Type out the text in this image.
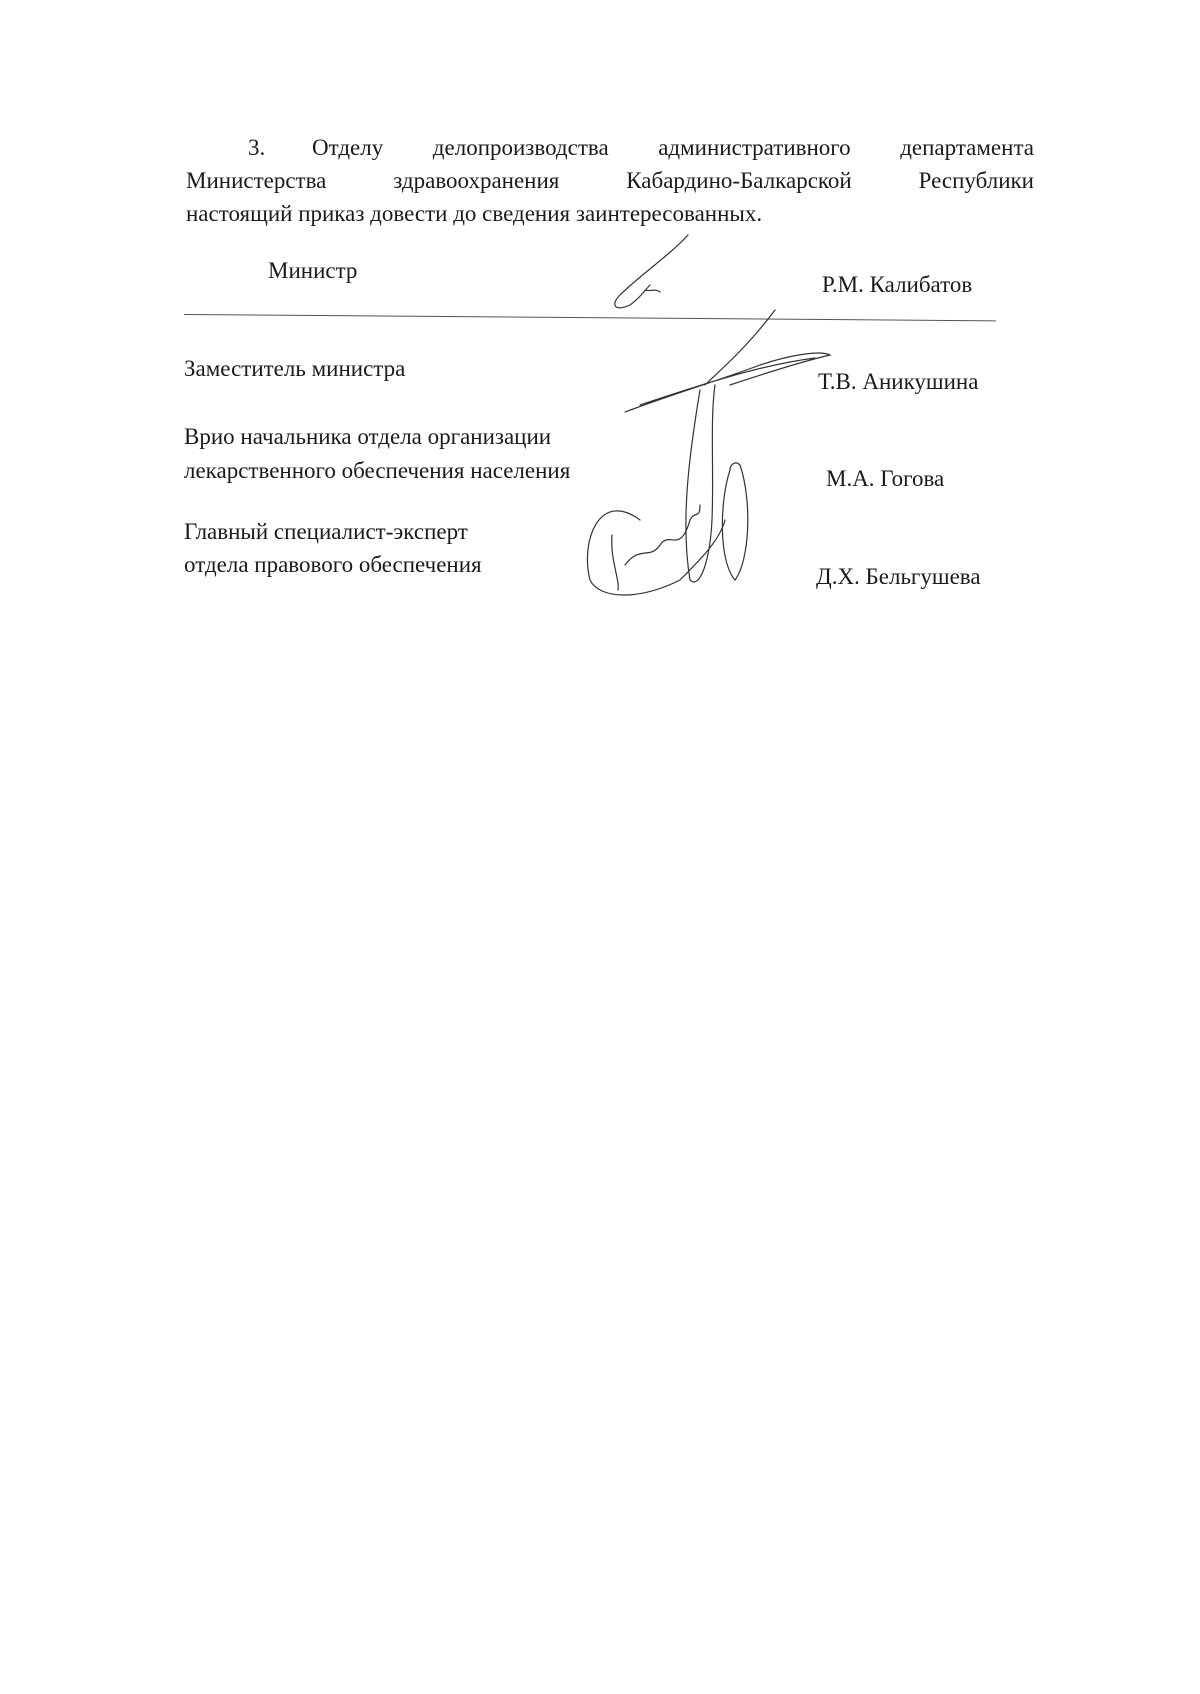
3. Отделу делопроизводства административного департамента
Министерства здравоохранения Кабардино-Балкарской Республики
настоящий приказ довести до сведения заинтересованных.
Министр
Р.М. Калибатов
Заместитель министра
Т.В. Аникушина
Врио начальника отдела организации
лекарственного обеспечения населения	М.А. Гогова
Главный специалист-эксперт
отдела правового обеспечения	Д.Х. Бельгушева
